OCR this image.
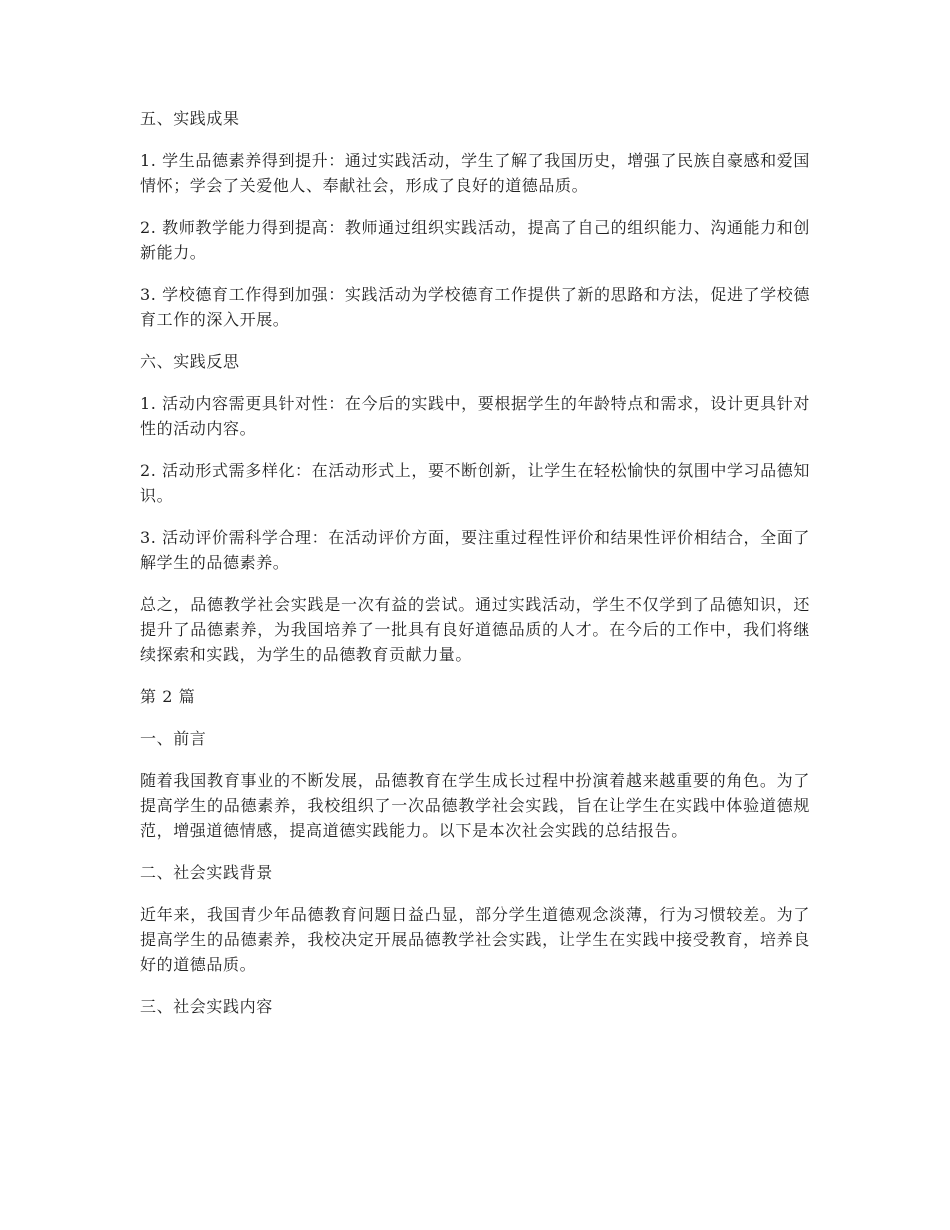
五、实践成果

1. 学生品德素养得到提升：通过实践活动，学生了解了我国历史，增强了民族自豪感和爱国情怀；学会了关爱他人、奉献社会，形成了良好的道德品质。

2. 教师教学能力得到提高：教师通过组织实践活动，提高了自己的组织能力、沟通能力和创新能力。

3. 学校德育工作得到加强：实践活动为学校德育工作提供了新的思路和方法，促进了学校德育工作的深入开展。

六、实践反思

1. 活动内容需更具针对性：在今后的实践中，要根据学生的年龄特点和需求，设计更具针对性的活动内容。

2. 活动形式需多样化：在活动形式上，要不断创新，让学生在轻松愉快的氛围中学习品德知识。

3. 活动评价需科学合理：在活动评价方面，要注重过程性评价和结果性评价相结合，全面了解学生的品德素养。

总之，品德教学社会实践是一次有益的尝试。通过实践活动，学生不仅学到了品德知识，还提升了品德素养，为我国培养了一批具有良好道德品质的人才。在今后的工作中，我们将继续探索和实践，为学生的品德教育贡献力量。

第 2 篇

一、前言

随着我国教育事业的不断发展，品德教育在学生成长过程中扮演着越来越重要的角色。为了提高学生的品德素养，我校组织了一次品德教学社会实践，旨在让学生在实践中体验道德规范，增强道德情感，提高道德实践能力。以下是本次社会实践的总结报告。

二、社会实践背景

近年来，我国青少年品德教育问题日益凸显，部分学生道德观念淡薄，行为习惯较差。为了提高学生的品德素养，我校决定开展品德教学社会实践，让学生在实践中接受教育，培养良好的道德品质。

三、社会实践内容
